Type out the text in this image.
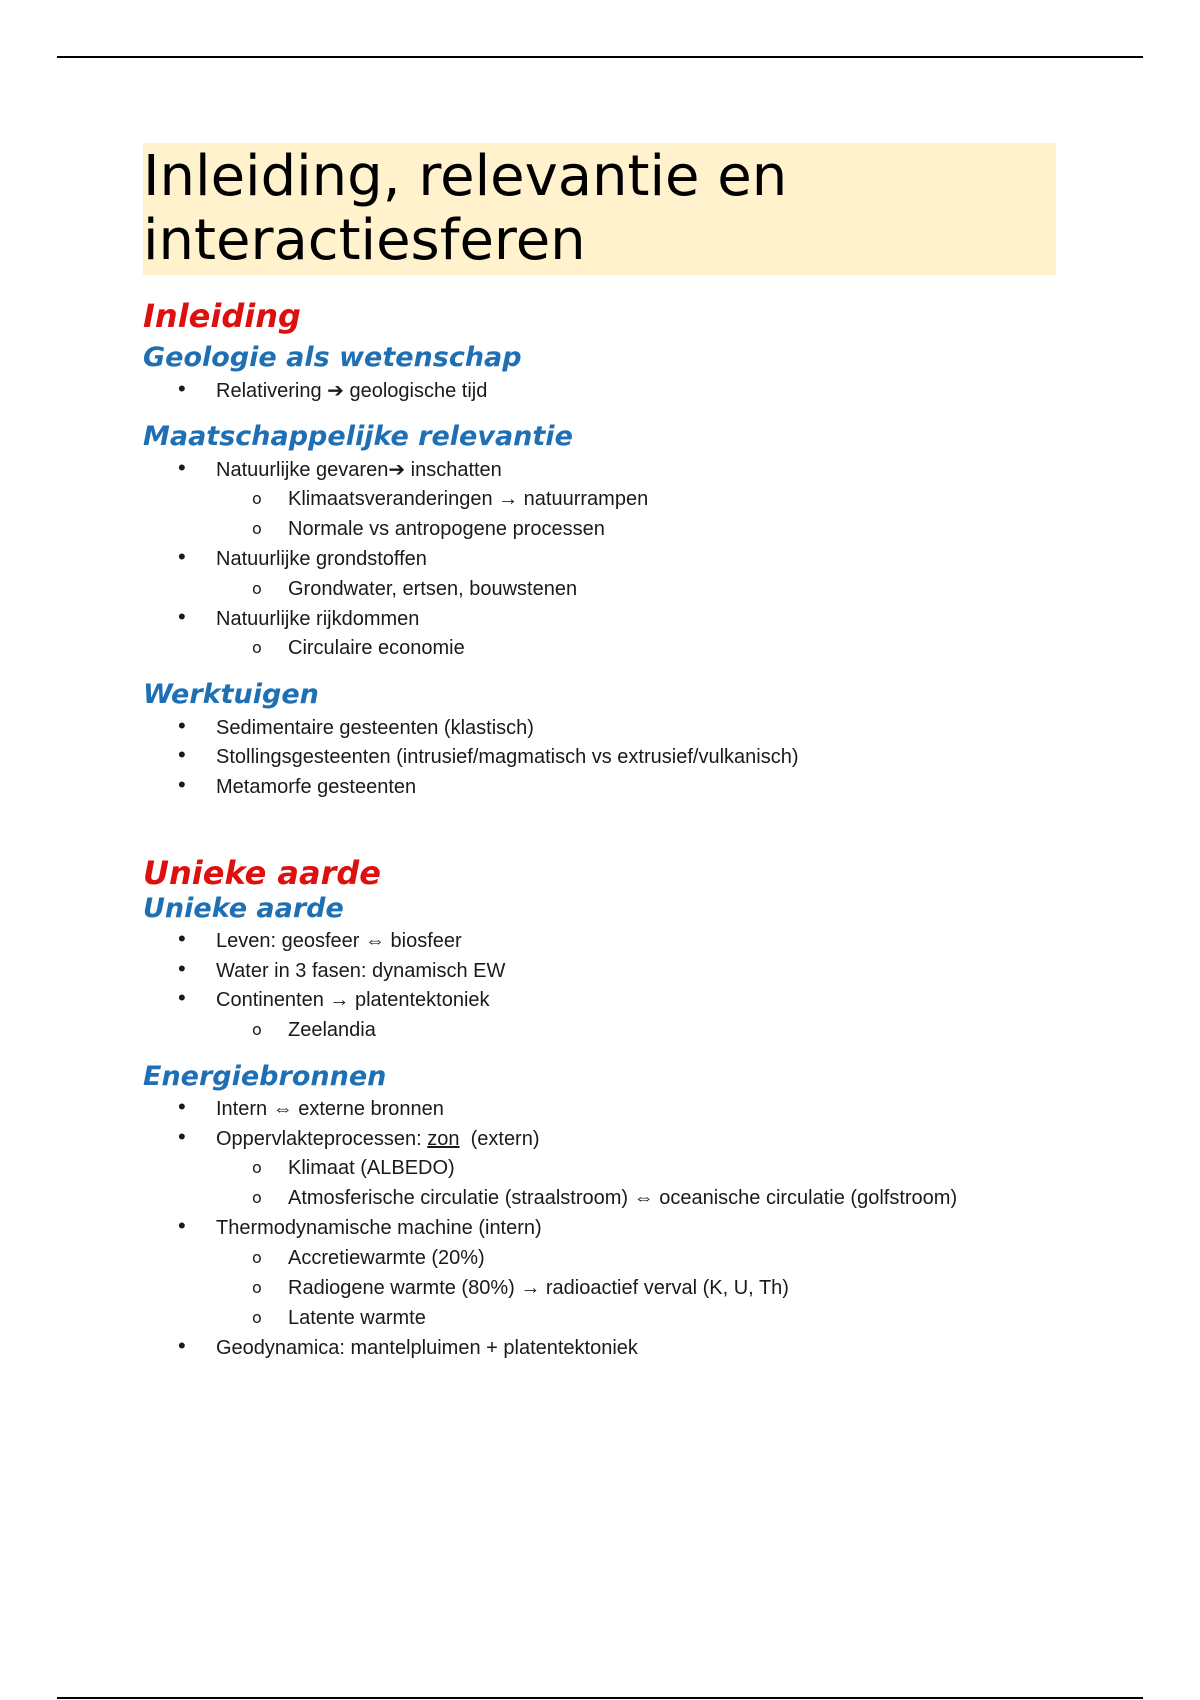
Inleiding, relevantie en
interactiesferen
Inleiding
Geologie als wetenschap
•	Relativering ➔ geologische tijd
Maatschappelijke relevantie
•	Natuurlijke gevaren➔ inschatten
o	Klimaatsveranderingen → natuurrampen
o	Normale vs antropogene processen
•	Natuurlijke grondstoffen
o	Grondwater, ertsen, bouwstenen
•	Natuurlijke rijkdommen
o	Circulaire economie
Werktuigen
•	Sedimentaire gesteenten (klastisch)
•	Stollingsgesteenten (intrusief/magmatisch vs extrusief/vulkanisch)
•	Metamorfe gesteenten
Unieke aarde
Unieke aarde
•	Leven: geosfeer ⇔ biosfeer
•	Water in 3 fasen: dynamisch EW
•	Continenten → platentektoniek
o	Zeelandia
Energiebronnen
•	Intern ⇔ externe bronnen
•	Oppervlakteprocessen: zon  (extern)
o	Klimaat (ALBEDO)
o	Atmosferische circulatie (straalstroom) ⇔ oceanische circulatie (golfstroom)
•	Thermodynamische machine (intern)
o	Accretiewarmte (20%)
o	Radiogene warmte (80%) → radioactief verval (K, U, Th)
o	Latente warmte
•	Geodynamica: mantelpluimen + platentektoniek
